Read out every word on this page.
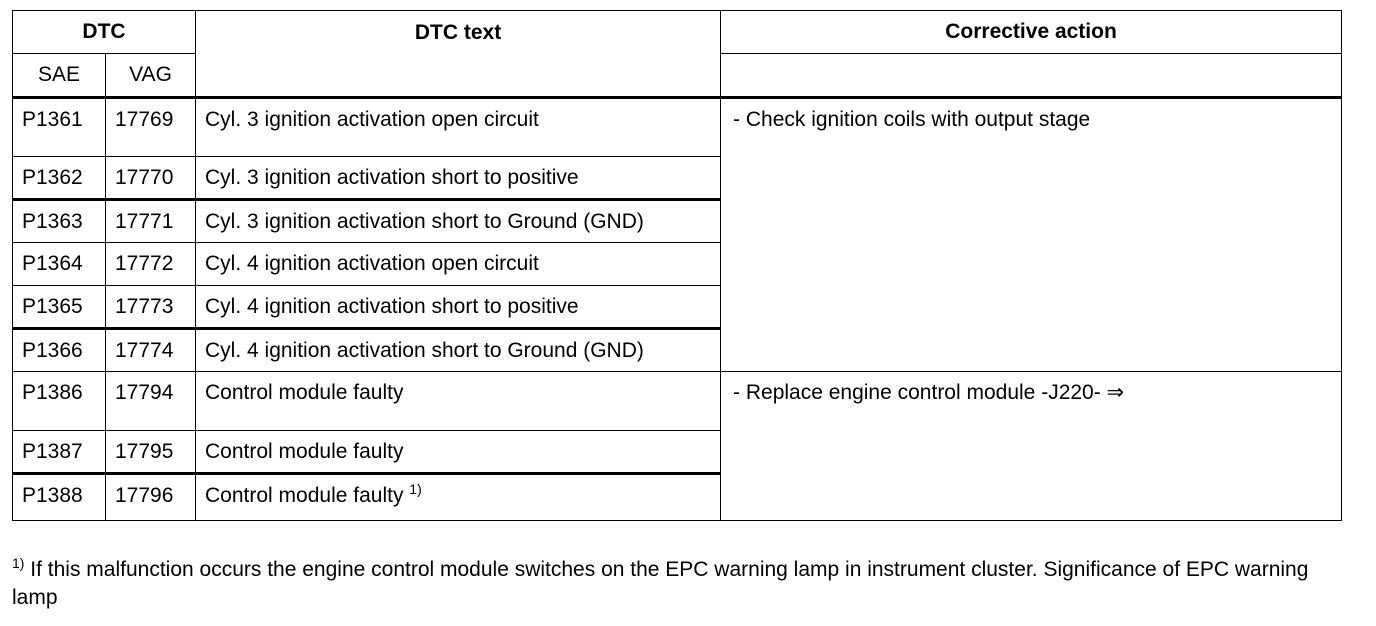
DTC		DTC text	Corrective action
SAE	VAG		
P1361	17769	Cyl. 3 ignition activation open circuit	- Check ignition coils with output stage
P1362	17770	Cyl. 3 ignition activation short to positive	
P1363	17771	Cyl. 3 ignition activation short to Ground (GND)	
P1364	17772	Cyl. 4 ignition activation open circuit	
P1365	17773	Cyl. 4 ignition activation short to positive	
P1366	17774	Cyl. 4 ignition activation short to Ground (GND)	
P1386	17794	Control module faulty	- Replace engine control module -J220- ⇒
P1387	17795	Control module faulty	
P1388	17796	Control module faulty $^{1)}$
$^{1)}$ If this malfunction occurs the engine control module switches on the EPC warning lamp in instrument cluster. Significance of EPC warning lamp
